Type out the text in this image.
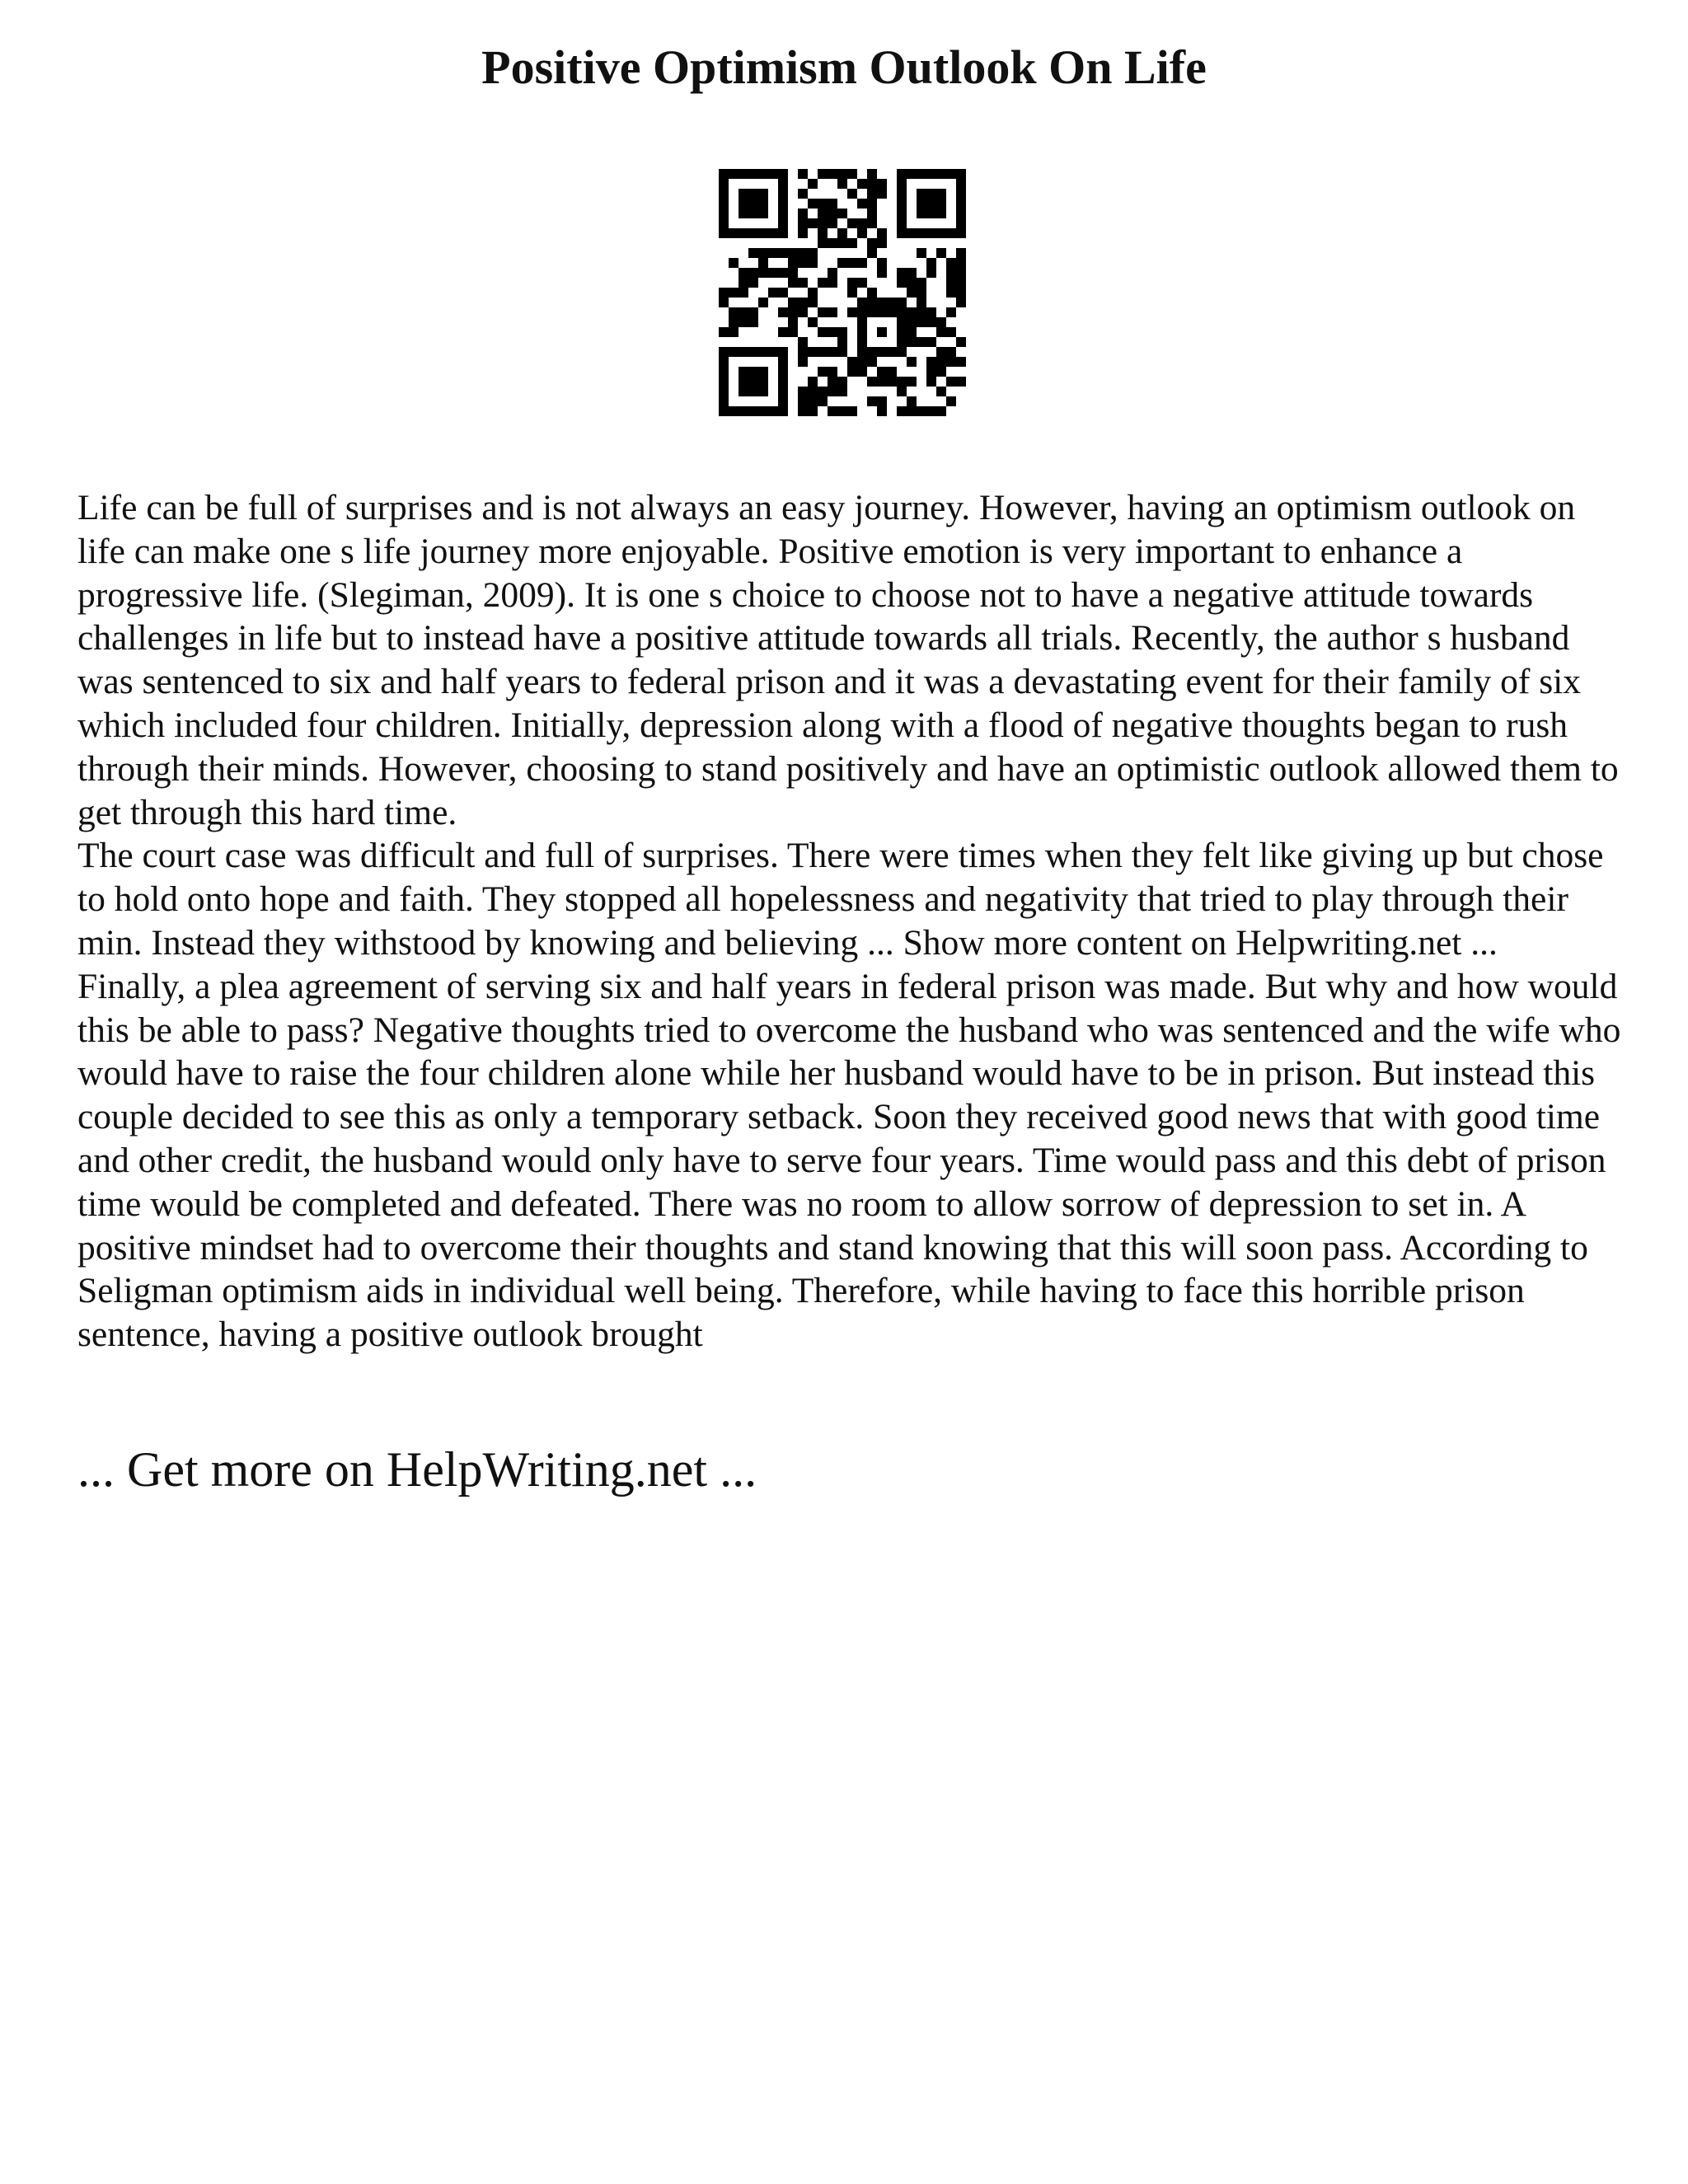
Positive Optimism Outlook On Life

Life can be full of surprises and is not always an easy journey. However, having an optimism outlook on life can make one s life journey more enjoyable. Positive emotion is very important to enhance a progressive life. (Slegiman, 2009). It is one s choice to choose not to have a negative attitude towards challenges in life but to instead have a positive attitude towards all trials. Recently, the author s husband was sentenced to six and half years to federal prison and it was a devastating event for their family of six which included four children. Initially, depression along with a flood of negative thoughts began to rush through their minds. However, choosing to stand positively and have an optimistic outlook allowed them to get through this hard time.

The court case was difficult and full of surprises. There were times when they felt like giving up but chose to hold onto hope and faith. They stopped all hopelessness and negativity that tried to play through their min. Instead they withstood by knowing and believing ... Show more content on Helpwriting.net ...

Finally, a plea agreement of serving six and half years in federal prison was made. But why and how would this be able to pass? Negative thoughts tried to overcome the husband who was sentenced and the wife who would have to raise the four children alone while her husband would have to be in prison. But instead this couple decided to see this as only a temporary setback. Soon they received good news that with good time and other credit, the husband would only have to serve four years. Time would pass and this debt of prison time would be completed and defeated. There was no room to allow sorrow of depression to set in. A positive mindset had to overcome their thoughts and stand knowing that this will soon pass. According to Seligman optimism aids in individual well being. Therefore, while having to face this horrible prison sentence, having a positive outlook brought

... Get more on HelpWriting.net ...
